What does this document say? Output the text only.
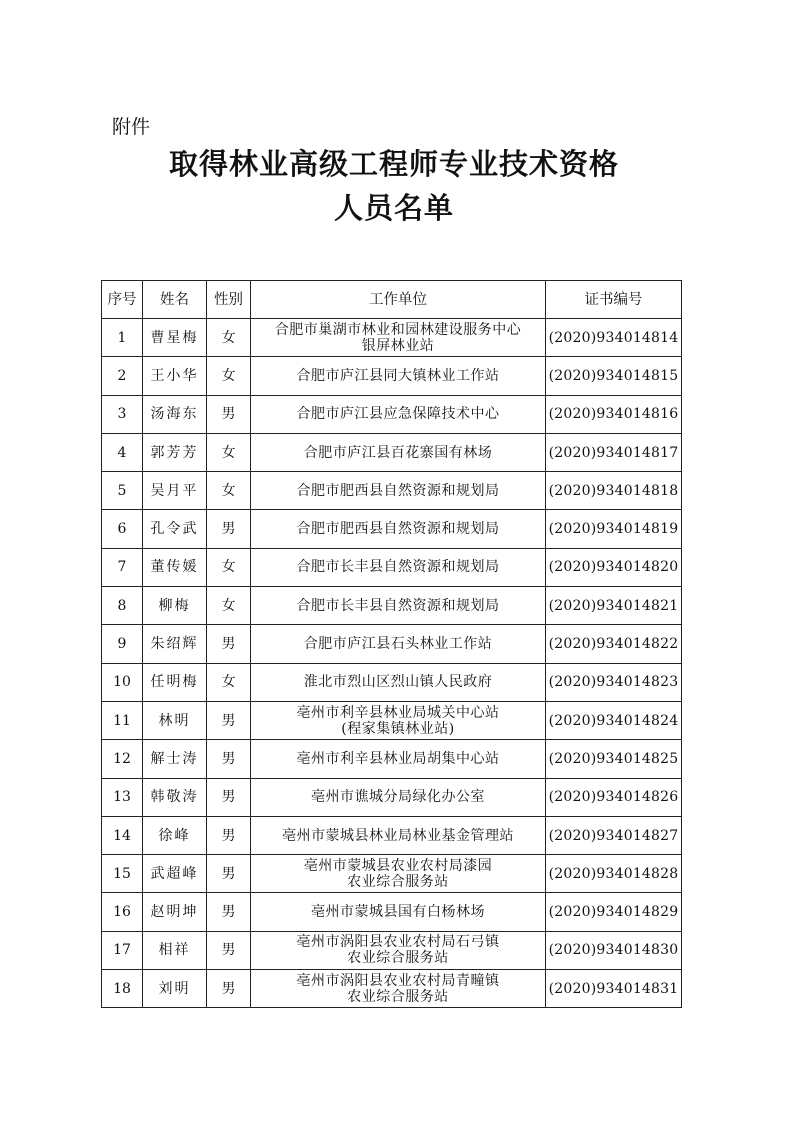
附件
取得林业高级工程师专业技术资格
人员名单
序号	姓名	性别	工作单位	证书编号
1	曹星梅	女	合肥市巢湖市林业和园林建设服务中心
银屏林业站	(2020)934014814
2	王小华	女	合肥市庐江县同大镇林业工作站	(2020)934014815
3	汤海东	男	合肥市庐江县应急保障技术中心	(2020)934014816
4	郭芳芳	女	合肥市庐江县百花寨国有林场	(2020)934014817
5	吴月平	女	合肥市肥西县自然资源和规划局	(2020)934014818
6	孔令武	男	合肥市肥西县自然资源和规划局	(2020)934014819
7	董传媛	女	合肥市长丰县自然资源和规划局	(2020)934014820
8	柳梅	女	合肥市长丰县自然资源和规划局	(2020)934014821
9	朱绍辉	男	合肥市庐江县石头林业工作站	(2020)934014822
10	任明梅	女	淮北市烈山区烈山镇人民政府	(2020)934014823
11	林明	男	亳州市利辛县林业局城关中心站
(程家集镇林业站)	(2020)934014824
12	解士涛	男	亳州市利辛县林业局胡集中心站	(2020)934014825
13	韩敬涛	男	亳州市谯城分局绿化办公室	(2020)934014826
14	徐峰	男	亳州市蒙城县林业局林业基金管理站	(2020)934014827
15	武超峰	男	亳州市蒙城县农业农村局漆园
农业综合服务站	(2020)934014828
16	赵明坤	男	亳州市蒙城县国有白杨林场	(2020)934014829
17	相祥	男	亳州市涡阳县农业农村局石弓镇
农业综合服务站	(2020)934014830
18	刘明	男	亳州市涡阳县农业农村局青疃镇
农业综合服务站	(2020)934014831
